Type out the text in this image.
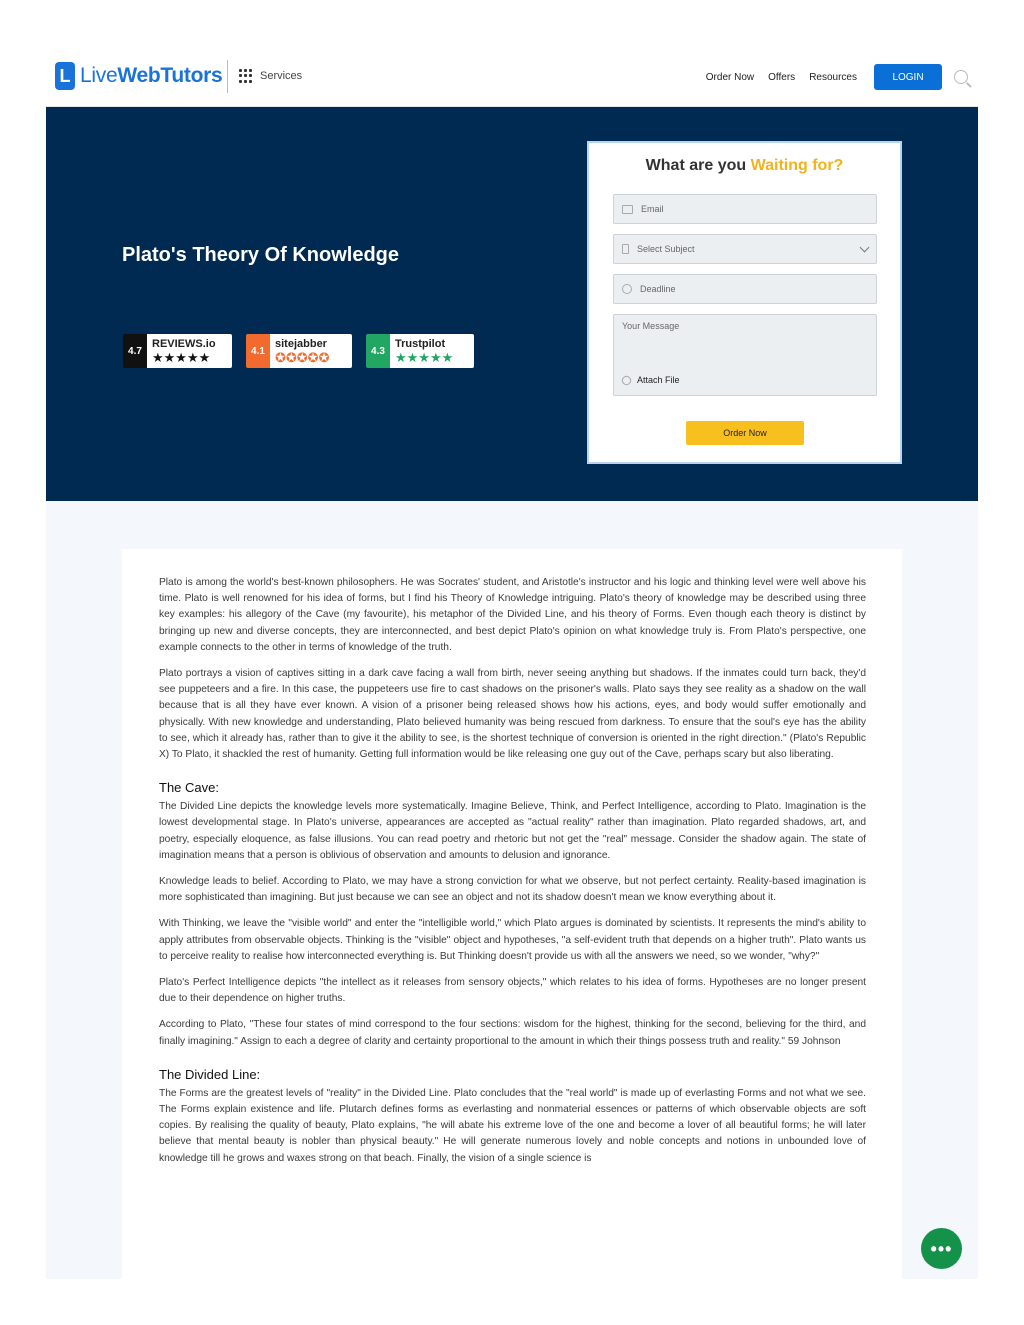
L LiveWebTutors	Services	Order Now Offers Resources	LOGIN
Plato's Theory Of Knowledge
4.7
REVIEWS.io
★★★★★	4.1
sitejabber
✪✪✪✪✪	4.3
Trustpilot
★★★★★
What are you Waiting for?
Email
Select Subject
Deadline
Your Message
Attach File
Order Now

Plato is among the world's best-known philosophers. He was Socrates' student, and Aristotle's instructor and his logic and thinking level were well above his time. Plato is well renowned for his idea of forms, but I find his Theory of Knowledge intriguing. Plato's theory of knowledge may be described using three key examples: his allegory of the Cave (my favourite), his metaphor of the Divided Line, and his theory of Forms. Even though each theory is distinct by bringing up new and diverse concepts, they are interconnected, and best depict Plato's opinion on what knowledge truly is. From Plato's perspective, one example connects to the other in terms of knowledge of the truth.

Plato portrays a vision of captives sitting in a dark cave facing a wall from birth, never seeing anything but shadows. If the inmates could turn back, they'd see puppeteers and a fire. In this case, the puppeteers use fire to cast shadows on the prisoner's walls. Plato says they see reality as a shadow on the wall because that is all they have ever known. A vision of a prisoner being released shows how his actions, eyes, and body would suffer emotionally and physically. With new knowledge and understanding, Plato believed humanity was being rescued from darkness. To ensure that the soul's eye has the ability to see, which it already has, rather than to give it the ability to see, is the shortest technique of conversion is oriented in the right direction." (Plato's Republic X) To Plato, it shackled the rest of humanity. Getting full information would be like releasing one guy out of the Cave, perhaps scary but also liberating.

The Cave:

The Divided Line depicts the knowledge levels more systematically. Imagine Believe, Think, and Perfect Intelligence, according to Plato. Imagination is the lowest developmental stage. In Plato's universe, appearances are accepted as "actual reality" rather than imagination. Plato regarded shadows, art, and poetry, especially eloquence, as false illusions. You can read poetry and rhetoric but not get the "real" message. Consider the shadow again. The state of imagination means that a person is oblivious of observation and amounts to delusion and ignorance.

Knowledge leads to belief. According to Plato, we may have a strong conviction for what we observe, but not perfect certainty. Reality-based imagination is more sophisticated than imagining. But just because we can see an object and not its shadow doesn't mean we know everything about it.

With Thinking, we leave the "visible world" and enter the "intelligible world," which Plato argues is dominated by scientists. It represents the mind's ability to apply attributes from observable objects. Thinking is the "visible" object and hypotheses, "a self-evident truth that depends on a higher truth". Plato wants us to perceive reality to realise how interconnected everything is. But Thinking doesn't provide us with all the answers we need, so we wonder, "why?"

Plato's Perfect Intelligence depicts "the intellect as it releases from sensory objects," which relates to his idea of forms. Hypotheses are no longer present due to their dependence on higher truths.

According to Plato, "These four states of mind correspond to the four sections: wisdom for the highest, thinking for the second, believing for the third, and finally imagining." Assign to each a degree of clarity and certainty proportional to the amount in which their things possess truth and reality." 59 Johnson

The Divided Line:

The Forms are the greatest levels of "reality" in the Divided Line. Plato concludes that the "real world" is made up of everlasting Forms and not what we see. The Forms explain existence and life. Plutarch defines forms as everlasting and nonmaterial essences or patterns of which observable objects are soft copies. By realising the quality of beauty, Plato explains, "he will abate his extreme love of the one and become a lover of all beautiful forms; he will later believe that mental beauty is nobler than physical beauty." He will generate numerous lovely and noble concepts and notions in unbounded love of knowledge till he grows and waxes strong on that beach. Finally, the vision of a single science is

•••
